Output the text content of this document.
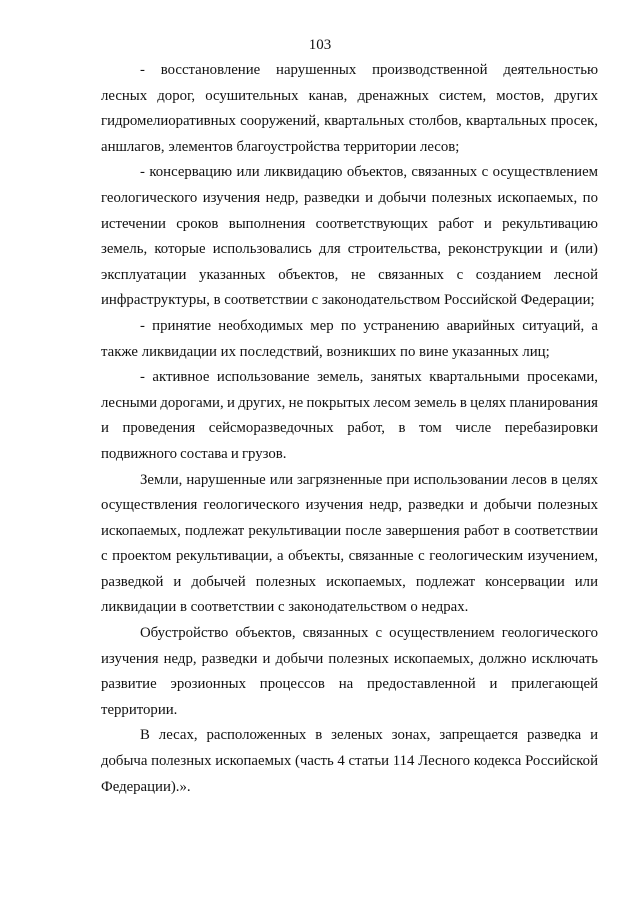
103

- восстановление нарушенных производственной деятельностью лесных дорог, осушительных канав, дренажных систем, мостов, других гидромелиоративных сооружений, квартальных столбов, квартальных просек, аншлагов, элементов благоустройства территории лесов;

- консервацию или ликвидацию объектов, связанных с осуществлением геологического изучения недр, разведки и добычи полезных ископаемых, по истечении сроков выполнения соответствующих работ и рекультивацию земель, которые использовались для строительства, реконструкции и (или) эксплуатации указанных объектов, не связанных с созданием лесной инфраструктуры, в соответствии с законодательством Российской Федерации;

- принятие необходимых мер по устранению аварийных ситуаций, а также ликвидации их последствий, возникших по вине указанных лиц;

- активное использование земель, занятых квартальными просеками, лесными дорогами, и других, не покрытых лесом земель в целях планирования и проведения сейсморазведочных работ, в том числе перебазировки подвижного состава и грузов.

Земли, нарушенные или загрязненные при использовании лесов в целях осуществления геологического изучения недр, разведки и добычи полезных ископаемых, подлежат рекультивации после завершения работ в соответствии с проектом рекультивации, а объекты, связанные с геологическим изучением, разведкой и добычей полезных ископаемых, подлежат консервации или ликвидации в соответствии с законодательством о недрах.

Обустройство объектов, связанных с осуществлением геологического изучения недр, разведки и добычи полезных ископаемых, должно исключать развитие эрозионных процессов на предоставленной и прилегающей территории.

В лесах, расположенных в зеленых зонах, запрещается разведка и добыча полезных ископаемых (часть 4 статьи 114 Лесного кодекса Российской Федерации).».
